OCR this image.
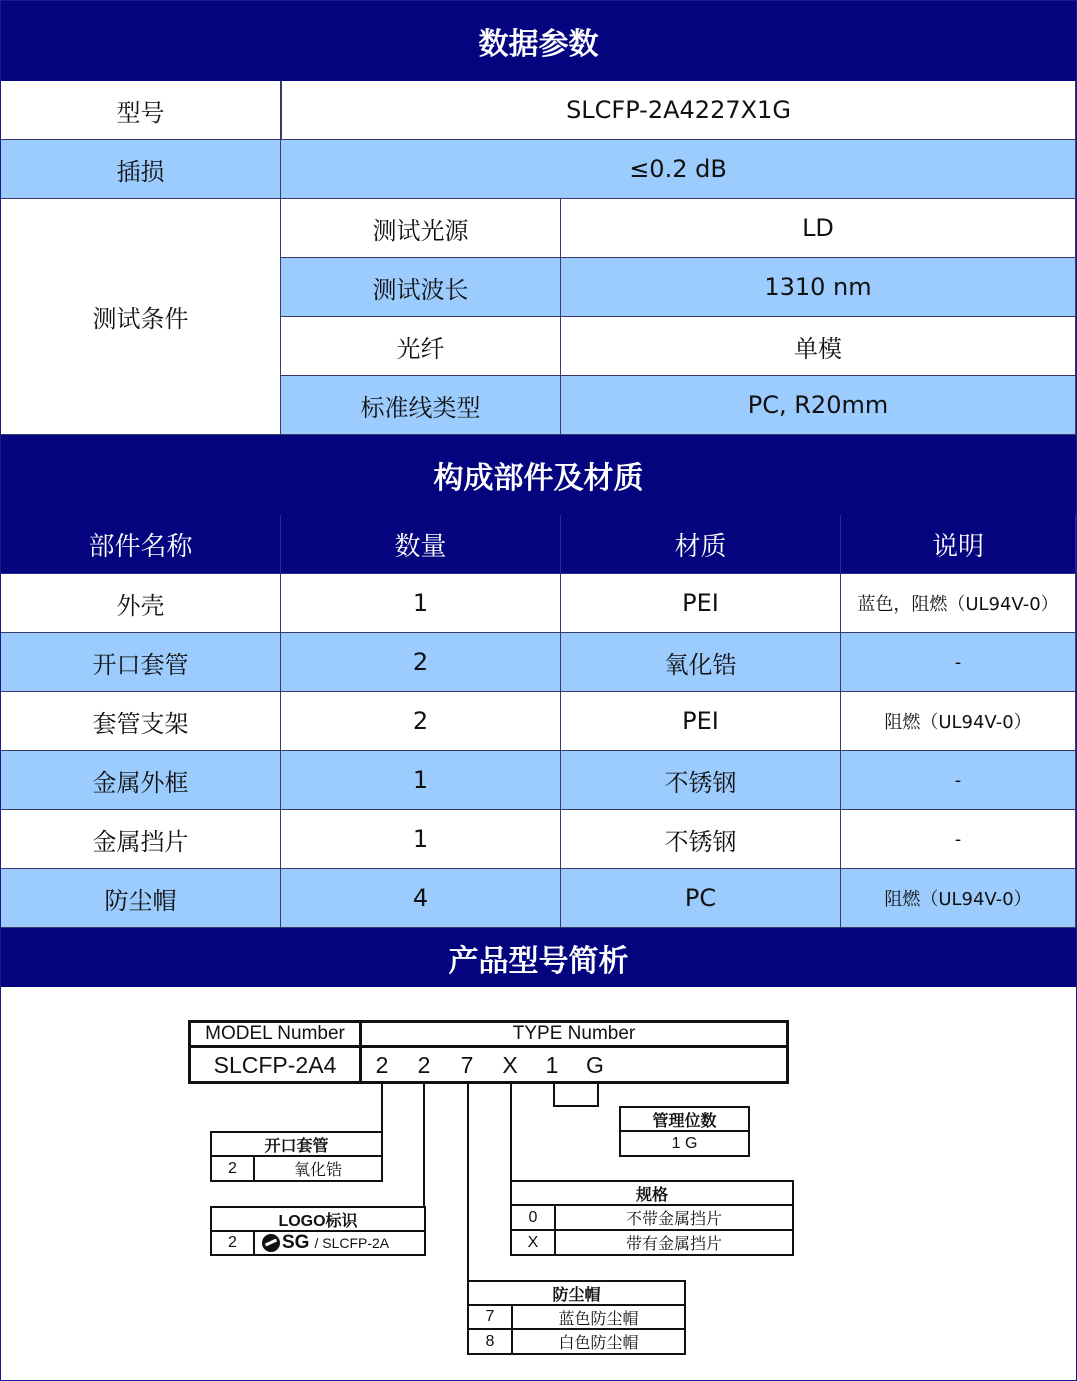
数据参数
型号	SLCFP-2A4227X1G
插损	≤0.2 dB
测试条件
测试光源	LD
测试波长	1310 nm
光纤	单模
标准线类型	PC, R20mm
构成部件及材质
部件名称	数量	材质	说明
外壳	1	PEI	蓝色，阻燃（UL94V-0）
开口套管	2	氧化锆	-
套管支架	2	PEI	阻燃（UL94V-0）
金属外框	1	不锈钢	-
金属挡片	1	不锈钢	-
防尘帽	4	PC	阻燃（UL94V-0）
产品型号简析
MODEL Number	TYPE Number
SLCFP-2A4	2 2 7 X 1 G
管理位数
1 G
开口套管
2	氧化锆
规格
0	不带金属挡片
X	带有金属挡片
LOGO标识
2	SG / SLCFP-2A
防尘帽
7	蓝色防尘帽
8	白色防尘帽
